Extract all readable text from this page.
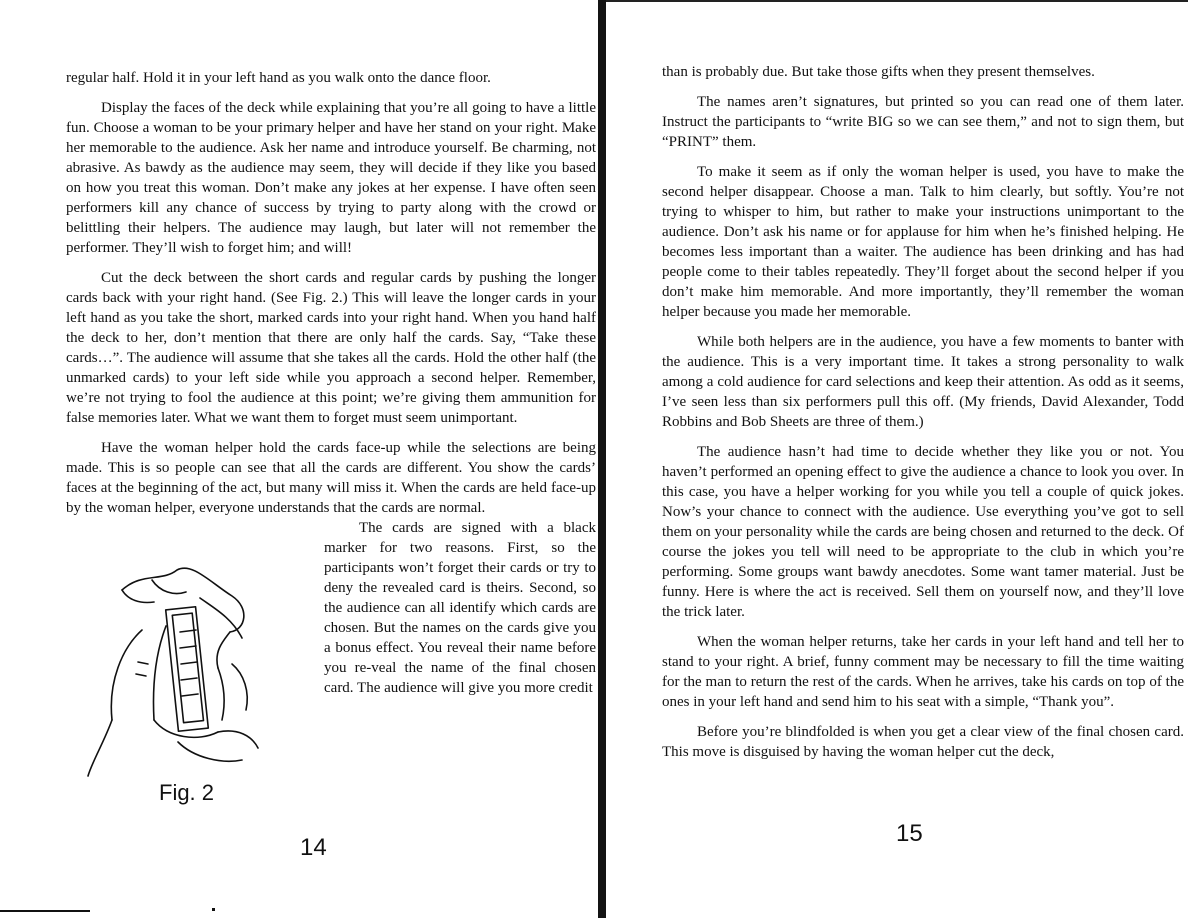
regular half. Hold it in your left hand as you walk onto the dance floor.

Display the faces of the deck while explaining that you’re all going to have a little fun. Choose a woman to be your primary helper and have her stand on your right. Make her memorable to the audience. Ask her name and introduce yourself. Be charming, not abrasive. As bawdy as the audience may seem, they will decide if they like you based on how you treat this woman. Don’t make any jokes at her expense. I have often seen performers kill any chance of success by trying to party along with the crowd or belittling their helpers. The audience may laugh, but later will not remember the performer. They’ll wish to forget him; and will!

Cut the deck between the short cards and regular cards by pushing the longer cards back with your right hand. (See Fig. 2.) This will leave the longer cards in your left hand as you take the short, marked cards into your right hand. When you hand half the deck to her, don’t mention that there are only half the cards. Say, “Take these cards…”. The audience will assume that she takes all the cards. Hold the other half (the unmarked cards) to your left side while you approach a second helper. Remember, we’re not trying to fool the audience at this point; we’re giving them ammunition for false memories later. What we want them to forget must seem unimportant.

Have the woman helper hold the cards face-up while the selections are being made. This is so people can see that all the cards are different. You show the cards’ faces at the beginning of the act, but many will miss it. When the cards are held face-up by the woman helper, everyone understands that the cards are normal.

Fig. 2

The cards are signed with a black marker for two reasons. First, so the participants won’t forget their cards or try to deny the revealed card is theirs. Second, so the audience can all identify which cards are chosen. But the names on the cards give you a bonus effect. You reveal their name before you re-veal the name of the final chosen card. The audience will give you more credit

14

than is probably due. But take those gifts when they present themselves.

The names aren’t signatures, but printed so you can read one of them later. Instruct the participants to “write BIG so we can see them,” and not to sign them, but “PRINT” them.

To make it seem as if only the woman helper is used, you have to make the second helper disappear. Choose a man. Talk to him clearly, but softly. You’re not trying to whisper to him, but rather to make your instructions unimportant to the audience. Don’t ask his name or for applause for him when he’s finished helping. He becomes less important than a waiter. The audience has been drinking and has had people come to their tables repeatedly. They’ll forget about the second helper if you don’t make him memorable. And more importantly, they’ll remember the woman helper because you made her memorable.

While both helpers are in the audience, you have a few moments to banter with the audience. This is a very important time. It takes a strong personality to walk among a cold audience for card selections and keep their attention. As odd as it seems, I’ve seen less than six performers pull this off. (My friends, David Alexander, Todd Robbins and Bob Sheets are three of them.)

The audience hasn’t had time to decide whether they like you or not. You haven’t performed an opening effect to give the audience a chance to look you over. In this case, you have a helper working for you while you tell a couple of quick jokes. Now’s your chance to connect with the audience. Use everything you’ve got to sell them on your personality while the cards are being chosen and returned to the deck. Of course the jokes you tell will need to be appropriate to the club in which you’re performing. Some groups want bawdy anecdotes. Some want tamer material. Just be funny. Here is where the act is received. Sell them on yourself now, and they’ll love the trick later.

When the woman helper returns, take her cards in your left hand and tell her to stand to your right. A brief, funny comment may be necessary to fill the time waiting for the man to return the rest of the cards. When he arrives, take his cards on top of the ones in your left hand and send him to his seat with a simple, “Thank you”.

Before you’re blindfolded is when you get a clear view of the final chosen card. This move is disguised by having the woman helper cut the deck,

15
